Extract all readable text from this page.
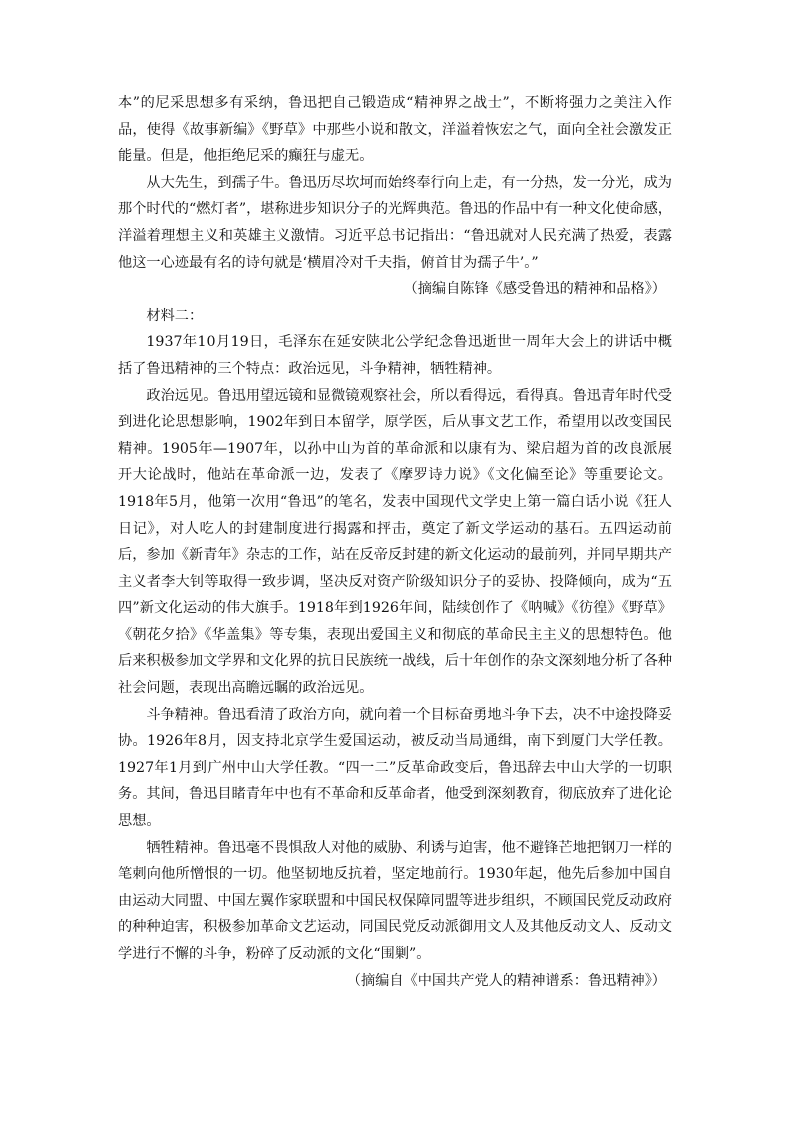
本”的尼采思想多有采纳，鲁迅把自己锻造成“精神界之战士”，不断将强力之美注入作品，使得《故事新编》《野草》中那些小说和散文，洋溢着恢宏之气，面向全社会激发正能量。但是，他拒绝尼采的癫狂与虚无。

从大先生，到孺子牛。鲁迅历尽坎坷而始终奉行向上走，有一分热，发一分光，成为那个时代的“燃灯者”，堪称进步知识分子的光辉典范。鲁迅的作品中有一种文化使命感，洋溢着理想主义和英雄主义激情。习近平总书记指出：“鲁迅就对人民充满了热爱，表露他这一心迹最有名的诗句就是‘横眉冷对千夫指，俯首甘为孺子牛’。”

（摘编自陈锋《感受鲁迅的精神和品格》）

材料二：

1937年10月19日，毛泽东在延安陕北公学纪念鲁迅逝世一周年大会上的讲话中概括了鲁迅精神的三个特点：政治远见，斗争精神，牺牲精神。

政治远见。鲁迅用望远镜和显微镜观察社会，所以看得远，看得真。鲁迅青年时代受到进化论思想影响，1902年到日本留学，原学医，后从事文艺工作，希望用以改变国民精神。1905年—1907年，以孙中山为首的革命派和以康有为、梁启超为首的改良派展开大论战时，他站在革命派一边，发表了《摩罗诗力说》《文化偏至论》等重要论文。1918年5月，他第一次用“鲁迅”的笔名，发表中国现代文学史上第一篇白话小说《狂人日记》，对人吃人的封建制度进行揭露和抨击，奠定了新文学运动的基石。五四运动前后，参加《新青年》杂志的工作，站在反帝反封建的新文化运动的最前列，并同早期共产主义者李大钊等取得一致步调，坚决反对资产阶级知识分子的妥协、投降倾向，成为“五四”新文化运动的伟大旗手。1918年到1926年间，陆续创作了《呐喊》《彷徨》《野草》《朝花夕拾》《华盖集》等专集，表现出爱国主义和彻底的革命民主主义的思想特色。他后来积极参加文学界和文化界的抗日民族统一战线，后十年创作的杂文深刻地分析了各种社会问题，表现出高瞻远瞩的政治远见。

斗争精神。鲁迅看清了政治方向，就向着一个目标奋勇地斗争下去，决不中途投降妥协。1926年8月，因支持北京学生爱国运动，被反动当局通缉，南下到厦门大学任教。1927年1月到广州中山大学任教。“四一二”反革命政变后，鲁迅辞去中山大学的一切职务。其间，鲁迅目睹青年中也有不革命和反革命者，他受到深刻教育，彻底放弃了进化论思想。

牺牲精神。鲁迅毫不畏惧敌人对他的威胁、利诱与迫害，他不避锋芒地把钢刀一样的笔刺向他所憎恨的一切。他坚韧地反抗着，坚定地前行。1930年起，他先后参加中国自由运动大同盟、中国左翼作家联盟和中国民权保障同盟等进步组织，不顾国民党反动政府的种种迫害，积极参加革命文艺运动，同国民党反动派御用文人及其他反动文人、反动文学进行不懈的斗争，粉碎了反动派的文化“围剿”。

（摘编自《中国共产党人的精神谱系：鲁迅精神》）
